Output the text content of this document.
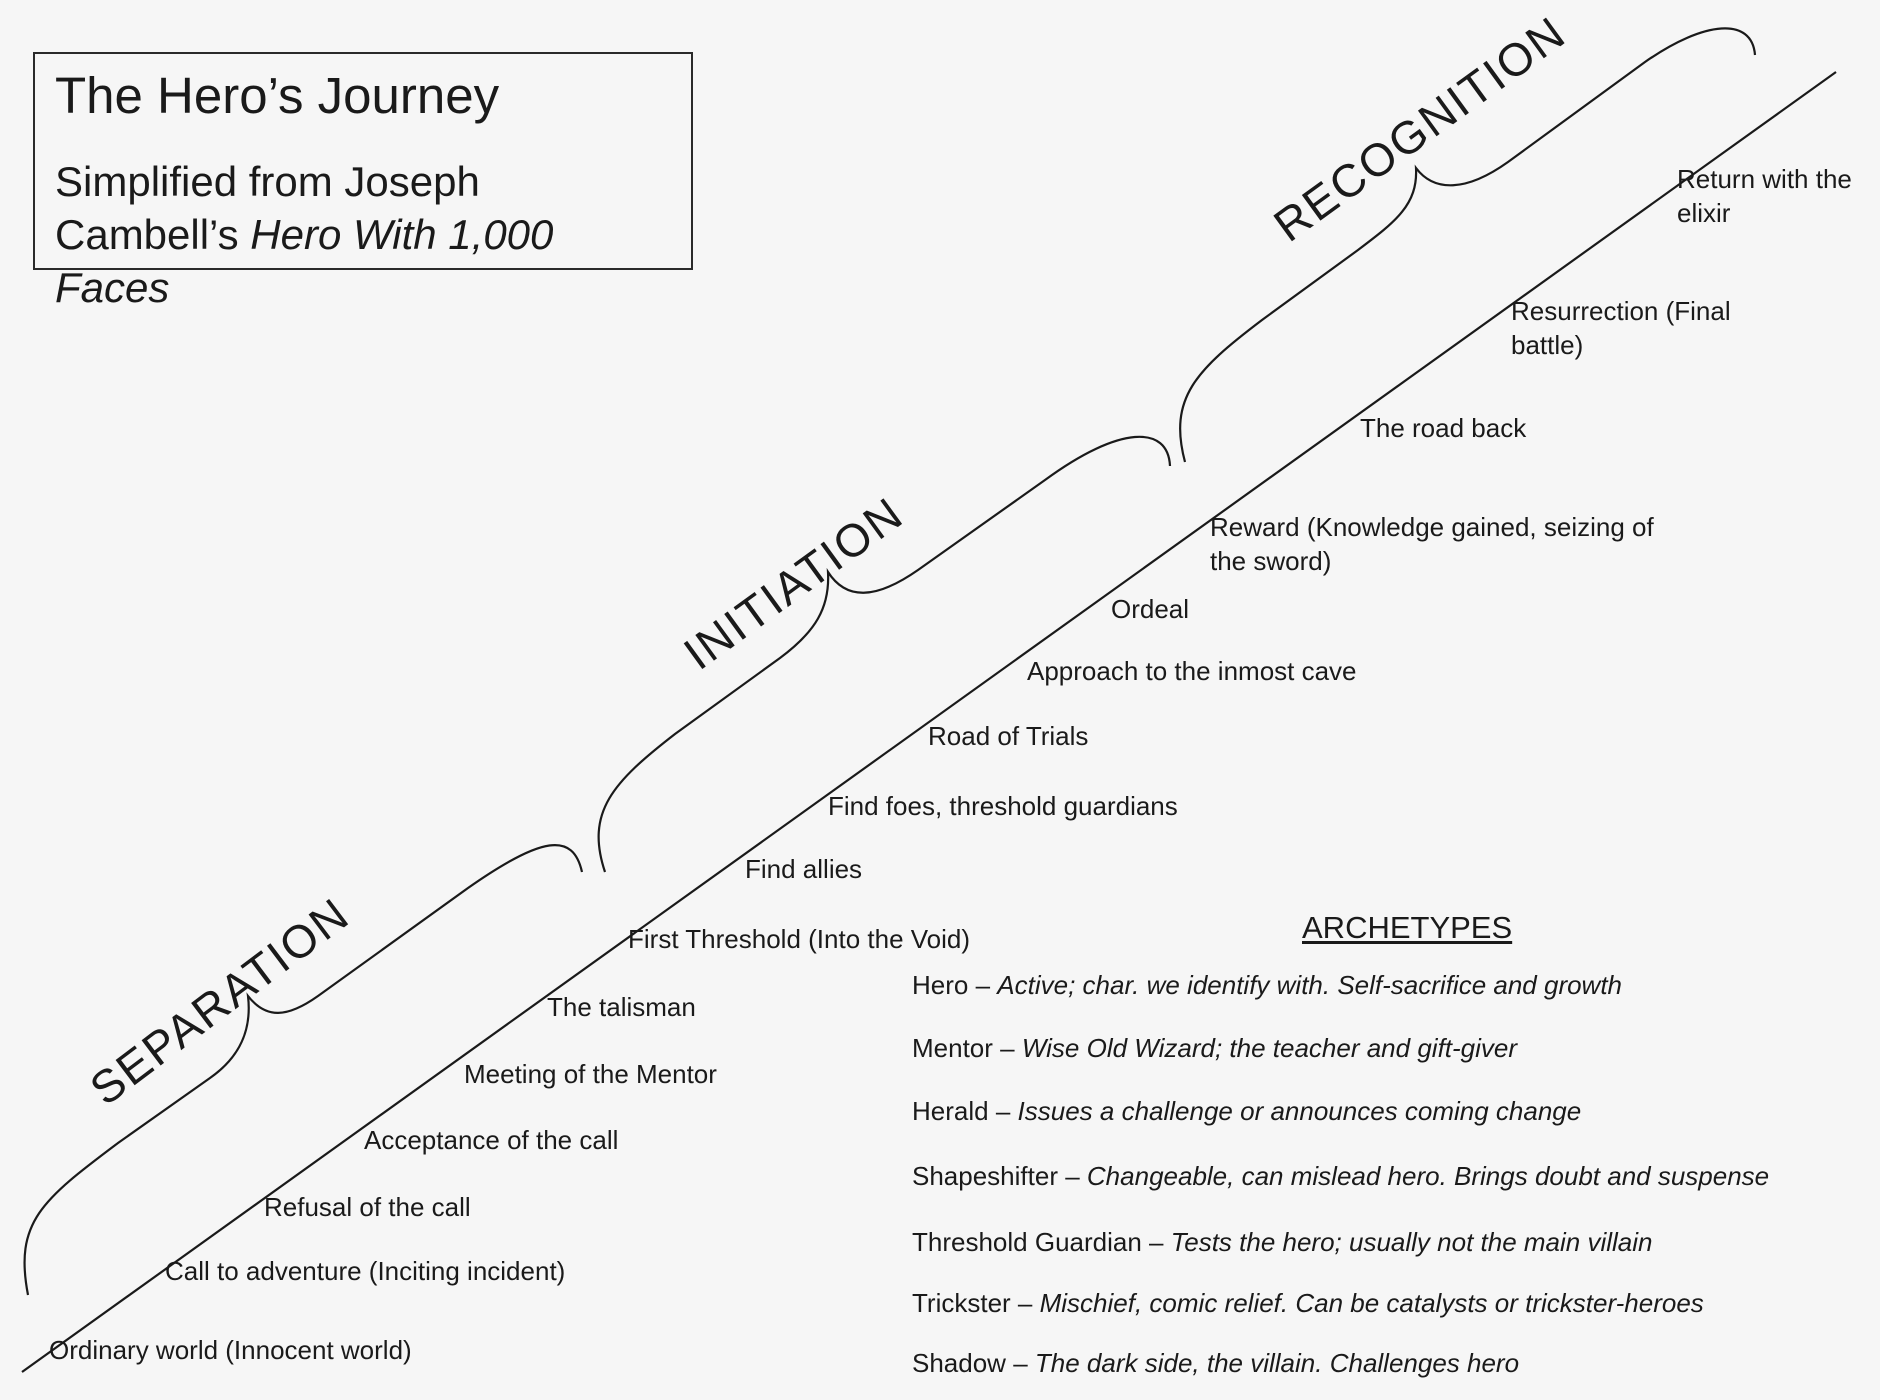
The Hero’s Journey
Simplified from Joseph Cambell’s Hero With 1,000 Faces
SEPARATION
INITIATION
RECOGNITION
Ordinary world (Innocent world)
Call to adventure (Inciting incident)
Refusal of the call
Acceptance of the call
Meeting of the Mentor
The talisman
First Threshold (Into the Void)
Find allies
Find foes, threshold guardians
Road of Trials
Approach to the inmost cave
Ordeal
Reward (Knowledge gained, seizing of the sword)
The road back
Resurrection (Final battle)
Return with the elixir
ARCHETYPES
Hero – Active; char. we identify with. Self-sacrifice and growth
Mentor – Wise Old Wizard; the teacher and gift-giver
Herald – Issues a challenge or announces coming change
Shapeshifter – Changeable, can mislead hero. Brings doubt and suspense
Threshold Guardian – Tests the hero; usually not the main villain
Trickster – Mischief, comic relief. Can be catalysts or trickster-heroes
Shadow – The dark side, the villain. Challenges hero
